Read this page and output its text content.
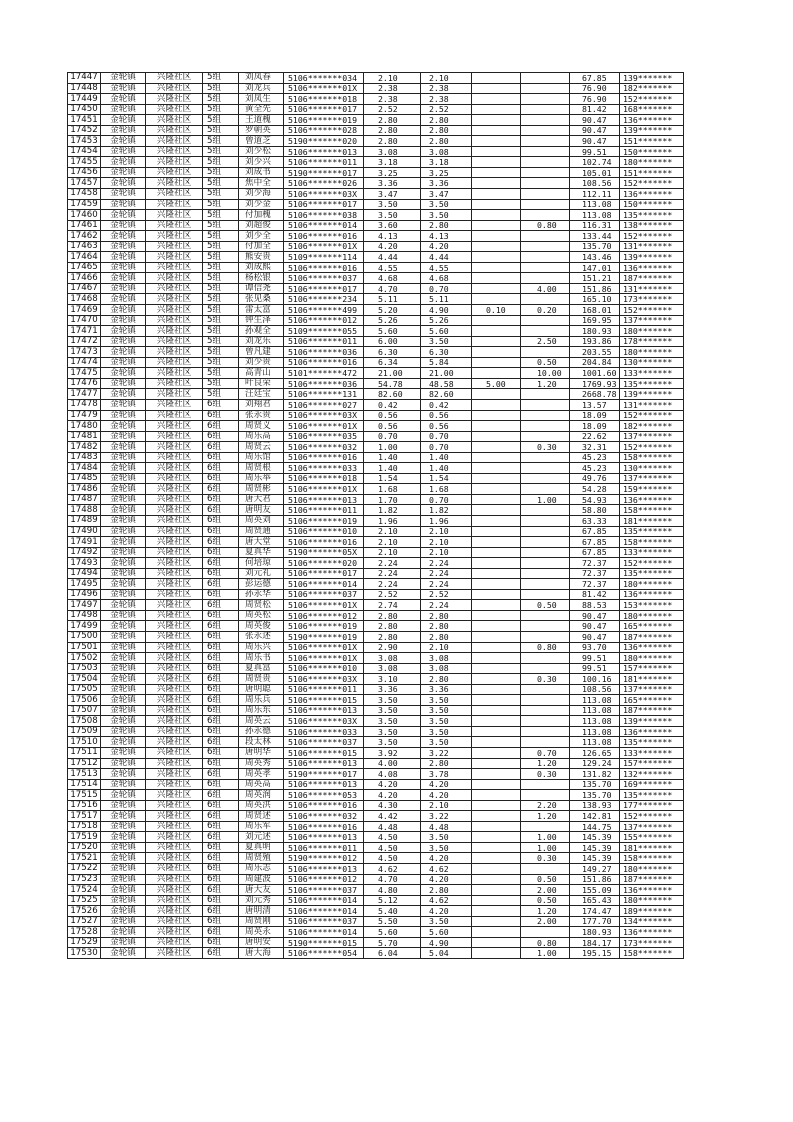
17447	金轮镇	兴隆社区	5组	刘凤春	5106*******034	2.10	2.10			67.85	139*******
17448	金轮镇	兴隆社区	5组	刘龙兵	5106*******01X	2.38	2.38			76.90	182*******
17449	金轮镇	兴隆社区	5组	刘凤生	5106*******018	2.38	2.38			76.90	152*******
17450	金轮镇	兴隆社区	5组	黄全先	5106*******017	2.52	2.52			81.42	168*******
17451	金轮镇	兴隆社区	5组	王道槐	5106*******019	2.80	2.80			90.47	136*******
17452	金轮镇	兴隆社区	5组	罗朝英	5106*******028	2.80	2.80			90.47	139*******
17453	金轮镇	兴隆社区	5组	曾道芝	5190*******020	2.80	2.80			90.47	151*******
17454	金轮镇	兴隆社区	5组	刘少松	5106*******013	3.08	3.08			99.51	150*******
17455	金轮镇	兴隆社区	5组	刘少兴	5106*******011	3.18	3.18			102.74	180*******
17456	金轮镇	兴隆社区	5组	刘成书	5190*******017	3.25	3.25			105.01	151*******
17457	金轮镇	兴隆社区	5组	焦中全	5106*******026	3.36	3.36			108.56	152*******
17458	金轮镇	兴隆社区	5组	刘少海	5106*******03X	3.47	3.47			112.11	136*******
17459	金轮镇	兴隆社区	5组	刘少金	5106*******017	3.50	3.50			113.08	150*******
17460	金轮镇	兴隆社区	5组	付加槐	5106*******038	3.50	3.50			113.08	135*******
17461	金轮镇	兴隆社区	5组	刘超俊	5106*******014	3.60	2.80		0.80	116.31	138*******
17462	金轮镇	兴隆社区	5组	刘少全	5106*******016	4.13	4.13			133.44	152*******
17463	金轮镇	兴隆社区	5组	付加全	5106*******01X	4.20	4.20			135.70	131*******
17464	金轮镇	兴隆社区	5组	熊安贵	5109*******114	4.44	4.44			143.46	139*******
17465	金轮镇	兴隆社区	5组	刘成熙	5106*******016	4.55	4.55			147.01	136*******
17466	金轮镇	兴隆社区	5组	杨松银	5106*******037	4.68	4.68			151.21	187*******
17467	金轮镇	兴隆社区	5组	谭信尧	5106*******017	4.70	0.70		4.00	151.86	131*******
17468	金轮镇	兴隆社区	5组	张见桑	5106*******234	5.11	5.11			165.10	173*******
17469	金轮镇	兴隆社区	5组	雷太富	5106*******499	5.20	4.90	0.10	0.20	168.01	152*******
17470	金轮镇	兴隆社区	5组	钟生泽	5106*******012	5.26	5.26			169.95	137*******
17471	金轮镇	兴隆社区	5组	孙观全	5109*******055	5.60	5.60			180.93	180*******
17472	金轮镇	兴隆社区	5组	刘龙乐	5106*******011	6.00	3.50		2.50	193.86	178*******
17473	金轮镇	兴隆社区	5组	曾凡建	5106*******036	6.30	6.30			203.55	180*******
17474	金轮镇	兴隆社区	5组	刘少贵	5106*******016	6.34	5.84		0.50	204.84	130*******
17475	金轮镇	兴隆社区	5组	高青山	5101*******472	21.00	21.00		10.00	1001.60	133*******
17476	金轮镇	兴隆社区	5组	叶良荣	5106*******036	54.78	48.58	5.00	1.20	1769.93	135*******
17477	金轮镇	兴隆社区	5组	汪廷宝	5106*******131	82.60	82.60			2668.78	139*******
17478	金轮镇	兴隆社区	6组	刘翔君	5106*******027	0.42	0.42			13.57	131*******
17479	金轮镇	兴隆社区	6组	张永贵	5106*******03X	0.56	0.56			18.09	152*******
17480	金轮镇	兴隆社区	6组	周贤义	5106*******01X	0.56	0.56			18.09	182*******
17481	金轮镇	兴隆社区	6组	周乐高	5106*******035	0.70	0.70			22.62	137*******
17482	金轮镇	兴隆社区	6组	周贤云	5106*******032	1.00	0.70		0.30	32.31	152*******
17483	金轮镇	兴隆社区	6组	周乐馆	5106*******016	1.40	1.40			45.23	158*******
17484	金轮镇	兴隆社区	6组	周贤根	5106*******033	1.40	1.40			45.23	130*******
17485	金轮镇	兴隆社区	6组	周乐举	5106*******018	1.54	1.54			49.76	137*******
17486	金轮镇	兴隆社区	6组	周贤彬	5106*******01X	1.68	1.68			54.28	159*******
17487	金轮镇	兴隆社区	6组	唐大君	5106*******013	1.70	0.70		1.00	54.93	136*******
17488	金轮镇	兴隆社区	6组	唐明友	5106*******011	1.82	1.82			58.80	158*******
17489	金轮镇	兴隆社区	6组	周英刘	5106*******019	1.96	1.96			63.33	181*******
17490	金轮镇	兴隆社区	6组	周贤通	5106*******010	2.10	2.10			67.85	135*******
17491	金轮镇	兴隆社区	6组	唐大堂	5106*******016	2.10	2.10			67.85	158*******
17492	金轮镇	兴隆社区	6组	夏真华	5190*******05X	2.10	2.10			67.85	133*******
17493	金轮镇	兴隆社区	6组	何培琼	5106*******020	2.24	2.24			72.37	152*******
17494	金轮镇	兴隆社区	6组	刘元礼	5106*******017	2.24	2.24			72.37	135*******
17495	金轮镇	兴隆社区	6组	彭运德	5106*******014	2.24	2.24			72.37	180*******
17496	金轮镇	兴隆社区	6组	孙永华	5106*******037	2.52	2.52			81.42	136*******
17497	金轮镇	兴隆社区	6组	周贤松	5106*******01X	2.74	2.24		0.50	88.53	153*******
17498	金轮镇	兴隆社区	6组	周英松	5106*******012	2.80	2.80			90.47	180*******
17499	金轮镇	兴隆社区	6组	周英俊	5106*******019	2.80	2.80			90.47	165*******
17500	金轮镇	兴隆社区	6组	张永述	5190*******019	2.80	2.80			90.47	187*******
17501	金轮镇	兴隆社区	6组	周乐兴	5106*******01X	2.90	2.10		0.80	93.70	136*******
17502	金轮镇	兴隆社区	6组	周乐书	5106*******01X	3.08	3.08			99.51	180*******
17503	金轮镇	兴隆社区	6组	夏真富	5106*******010	3.08	3.08			99.51	157*******
17504	金轮镇	兴隆社区	6组	周贤贵	5106*******03X	3.10	2.80		0.30	100.16	181*******
17505	金轮镇	兴隆社区	6组	唐明聪	5106*******011	3.36	3.36			108.56	137*******
17506	金轮镇	兴隆社区	6组	周乐兵	5106*******015	3.50	3.50			113.08	165*******
17507	金轮镇	兴隆社区	6组	周乐东	5106*******013	3.50	3.50			113.08	187*******
17508	金轮镇	兴隆社区	6组	周英云	5106*******03X	3.50	3.50			113.08	139*******
17509	金轮镇	兴隆社区	6组	孙永德	5106*******033	3.50	3.50			113.08	136*******
17510	金轮镇	兴隆社区	6组	段太林	5106*******037	3.50	3.50			113.08	135*******
17511	金轮镇	兴隆社区	6组	唐明华	5106*******015	3.92	3.22		0.70	126.65	133*******
17512	金轮镇	兴隆社区	6组	周英秀	5106*******013	4.00	2.80		1.20	129.24	157*******
17513	金轮镇	兴隆社区	6组	周英孝	5190*******017	4.08	3.78		0.30	131.82	132*******
17514	金轮镇	兴隆社区	6组	周英高	5106*******013	4.20	4.20			135.70	169*******
17515	金轮镇	兴隆社区	6组	周英润	5106*******053	4.20	4.20			135.70	135*******
17516	金轮镇	兴隆社区	6组	周英洪	5106*******016	4.30	2.10		2.20	138.93	177*******
17517	金轮镇	兴隆社区	6组	周贤述	5106*******032	4.42	3.22		1.20	142.81	152*******
17518	金轮镇	兴隆社区	6组	周乐军	5106*******016	4.48	4.48			144.75	137*******
17519	金轮镇	兴隆社区	6组	刘元述	5106*******013	4.50	3.50		1.00	145.39	155*******
17520	金轮镇	兴隆社区	6组	夏真明	5106*******011	4.50	3.50		1.00	145.39	181*******
17521	金轮镇	兴隆社区	6组	周贤殖	5190*******012	4.50	4.20		0.30	145.39	158*******
17522	金轮镇	兴隆社区	6组	周乐志	5106*******013	4.62	4.62			149.27	180*******
17523	金轮镇	兴隆社区	6组	周建波	5106*******012	4.70	4.20		0.50	151.86	187*******
17524	金轮镇	兴隆社区	6组	唐大友	5106*******037	4.80	2.80		2.00	155.09	136*******
17525	金轮镇	兴隆社区	6组	刘元秀	5106*******014	5.12	4.62		0.50	165.43	180*******
17526	金轮镇	兴隆社区	6组	唐明清	5106*******014	5.40	4.20		1.20	174.47	189*******
17527	金轮镇	兴隆社区	6组	周贤刚	5106*******037	5.50	3.50		2.00	177.70	134*******
17528	金轮镇	兴隆社区	6组	周英永	5106*******014	5.60	5.60			180.93	136*******
17529	金轮镇	兴隆社区	6组	唐明安	5190*******015	5.70	4.90		0.80	184.17	173*******
17530	金轮镇	兴隆社区	6组	唐大海	5106*******054	6.04	5.04		1.00	195.15	158*******
